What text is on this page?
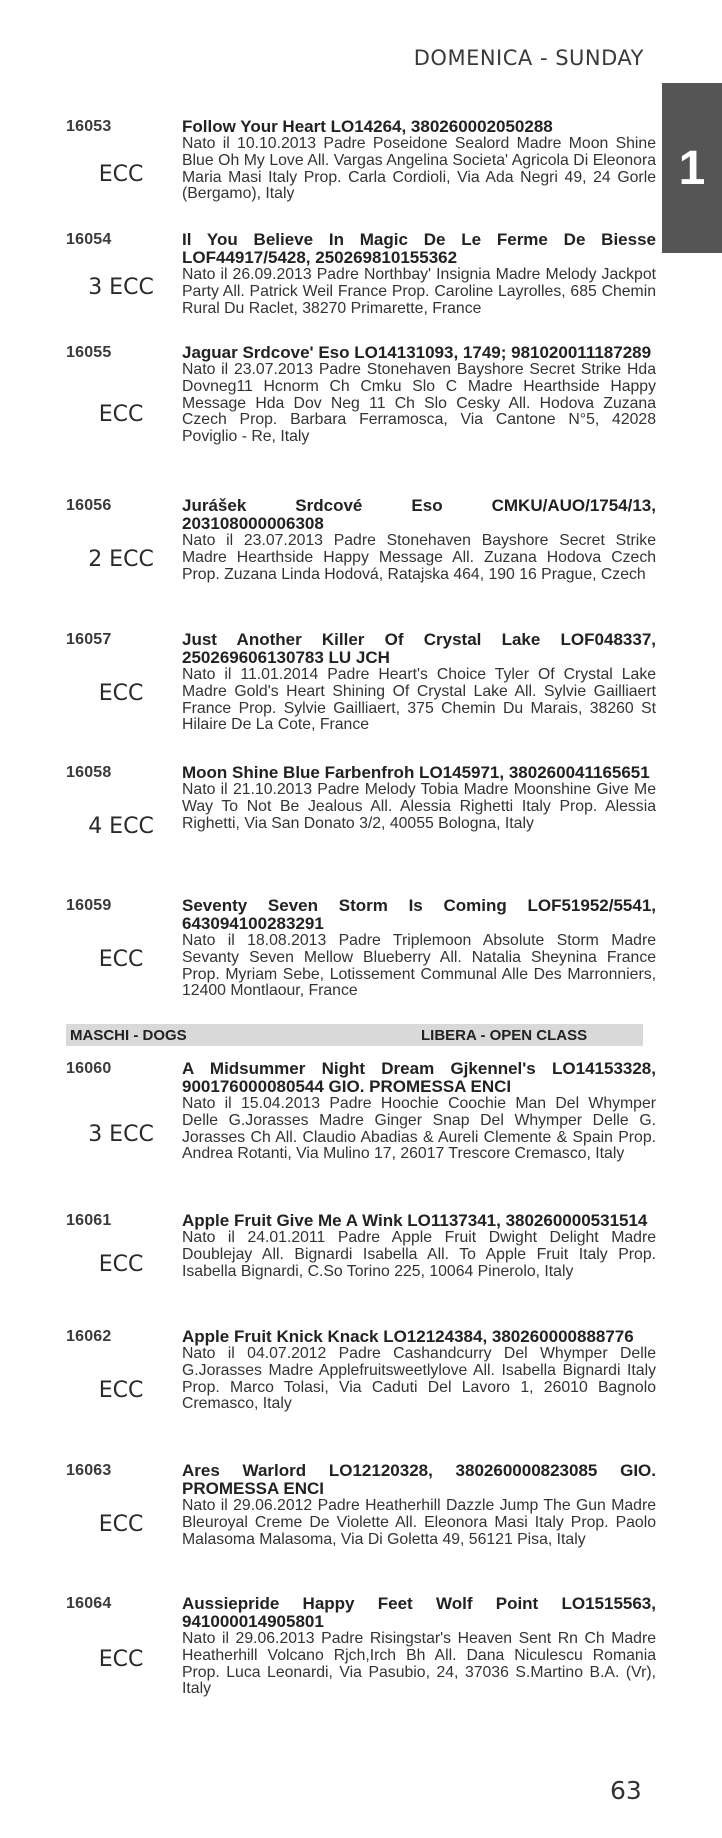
DOMENICA - SUNDAY
1
16053
ECC
Follow Your Heart LO14264, 380260002050288
Nato il 10.10.2013 Padre Poseidone Sealord Madre Moon Shine Blue Oh My Love All. Vargas Angelina Societa' Agricola Di Eleonora Maria Masi Italy Prop. Carla Cordioli, Via Ada Negri 49, 24 Gorle (Bergamo), Italy
16054
3 ECC
Il You Believe In Magic De Le Ferme De Biesse LOF44917/5428, 250269810155362
Nato il 26.09.2013 Padre Northbay' Insignia Madre Melody Jackpot Party All. Patrick Weil France Prop. Caroline Layrolles, 685 Chemin Rural Du Raclet, 38270 Primarette, France
16055
ECC
Jaguar Srdcove' Eso LO14131093, 1749; 981020011187289
Nato il 23.07.2013 Padre Stonehaven Bayshore Secret Strike Hda Dovneg11 Hcnorm Ch Cmku Slo C Madre Hearthside Happy Message Hda Dov Neg 11 Ch Slo Cesky All. Hodova Zuzana Czech Prop. Barbara Ferramosca, Via Cantone N°5, 42028 Poviglio - Re, Italy
16056
2 ECC
Jurášek Srdcové Eso CMKU/AUO/1754/13, 203108000006308
Nato il 23.07.2013 Padre Stonehaven Bayshore Secret Strike Madre Hearthside Happy Message All. Zuzana Hodova Czech Prop. Zuzana Linda Hodová, Ratajska 464, 190 16 Prague, Czech
16057
ECC
Just Another Killer Of Crystal Lake LOF048337, 250269606130783 LU JCH
Nato il 11.01.2014 Padre Heart's Choice Tyler Of Crystal Lake Madre Gold's Heart Shining Of Crystal Lake All. Sylvie Gailliaert France Prop. Sylvie Gailliaert, 375 Chemin Du Marais, 38260 St Hilaire De La Cote, France
16058
4 ECC
Moon Shine Blue Farbenfroh LO145971, 380260041165651
Nato il 21.10.2013 Padre Melody Tobia Madre Moonshine Give Me Way To Not Be Jealous All. Alessia Righetti Italy Prop. Alessia Righetti, Via San Donato 3/2, 40055 Bologna, Italy
16059
ECC
Seventy Seven Storm Is Coming LOF51952/5541, 643094100283291
Nato il 18.08.2013 Padre Triplemoon Absolute Storm Madre Sevanty Seven Mellow Blueberry All. Natalia Sheynina France Prop. Myriam Sebe, Lotissement Communal Alle Des Marronniers, 12400 Montlaour, France
MASCHI - DOGS	LIBERA - OPEN CLASS
16060
3 ECC
A Midsummer Night Dream Gjkennel's LO14153328, 900176000080544 GIO. PROMESSA ENCI
Nato il 15.04.2013 Padre Hoochie Coochie Man Del Whymper Delle G.Jorasses Madre Ginger Snap Del Whymper Delle G. Jorasses Ch All. Claudio Abadias & Aureli Clemente & Spain Prop. Andrea Rotanti, Via Mulino 17, 26017 Trescore Cremasco, Italy
16061
ECC
Apple Fruit Give Me A Wink LO1137341, 380260000531514
Nato il 24.01.2011 Padre Apple Fruit Dwight Delight Madre Doublejay All. Bignardi Isabella All. To Apple Fruit Italy Prop. Isabella Bignardi, C.So Torino 225, 10064 Pinerolo, Italy
16062
ECC
Apple Fruit Knick Knack LO12124384, 380260000888776
Nato il 04.07.2012 Padre Cashandcurry Del Whymper Delle G.Jorasses Madre Applefruitsweetlylove All. Isabella Bignardi Italy Prop. Marco Tolasi, Via Caduti Del Lavoro 1, 26010 Bagnolo Cremasco, Italy
16063
ECC
Ares Warlord LO12120328, 380260000823085 GIO. PROMESSA ENCI
Nato il 29.06.2012 Padre Heatherhill Dazzle Jump The Gun Madre Bleuroyal Creme De Violette All. Eleonora Masi Italy Prop. Paolo Malasoma Malasoma, Via Di Goletta 49, 56121 Pisa, Italy
16064
ECC
Aussiepride Happy Feet Wolf Point LO1515563, 941000014905801
Nato il 29.06.2013 Padre Risingstar's Heaven Sent Rn Ch Madre Heatherhill Volcano Rjch,Irch Bh All. Dana Niculescu Romania Prop. Luca Leonardi, Via Pasubio, 24, 37036 S.Martino B.A. (Vr), Italy
63
